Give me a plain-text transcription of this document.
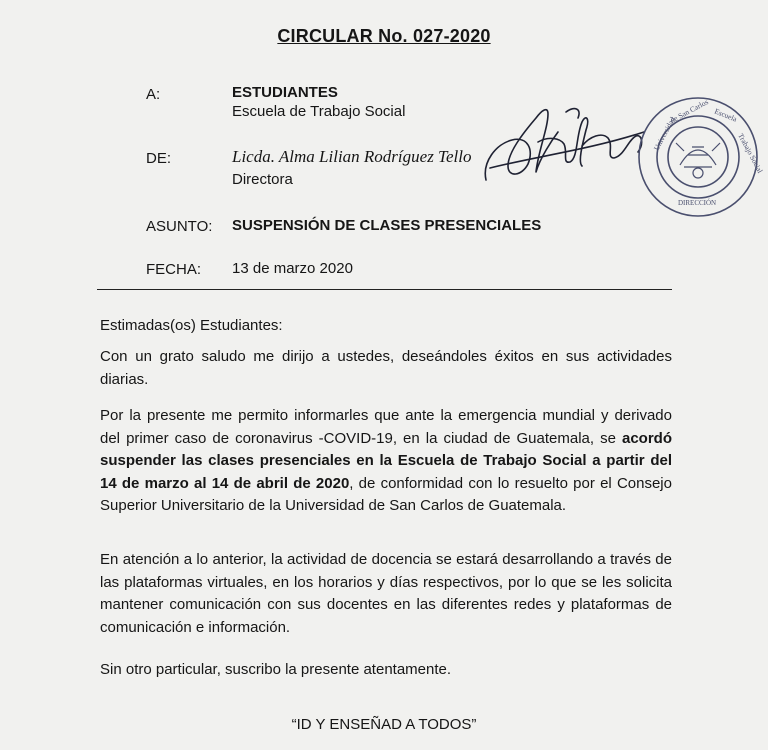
CIRCULAR No. 027-2020
A:	ESTUDIANTES
Escuela de Trabajo Social
DE:	Licda. Alma Lilian Rodríguez Tello
Directora
ASUNTO: SUSPENSIÓN DE CLASES PRESENCIALES
FECHA: 13 de marzo 2020
Universidad
de San Carlos Escuela
Trabajo Social
DIRECCIÓN

Estimadas(os) Estudiantes:

Con un grato saludo me dirijo a ustedes, deseándoles éxitos en sus actividades diarias.

Por la presente me permito informarles que ante la emergencia mundial y derivado del primer caso de coronavirus -COVID-19, en la ciudad de Guatemala, se acordó suspender las clases presenciales en la Escuela de Trabajo Social a partir del 14 de marzo al 14 de abril de 2020, de conformidad con lo resuelto por el Consejo Superior Universitario de la Universidad de San Carlos de Guatemala.

En atención a lo anterior, la actividad de docencia se estará desarrollando a través de las plataformas virtuales, en los horarios y días respectivos, por lo que se les solicita mantener comunicación con sus docentes en las diferentes redes y plataformas de comunicación e información.

Sin otro particular, suscribo la presente atentamente.

“ID Y ENSEÑAD A TODOS”
